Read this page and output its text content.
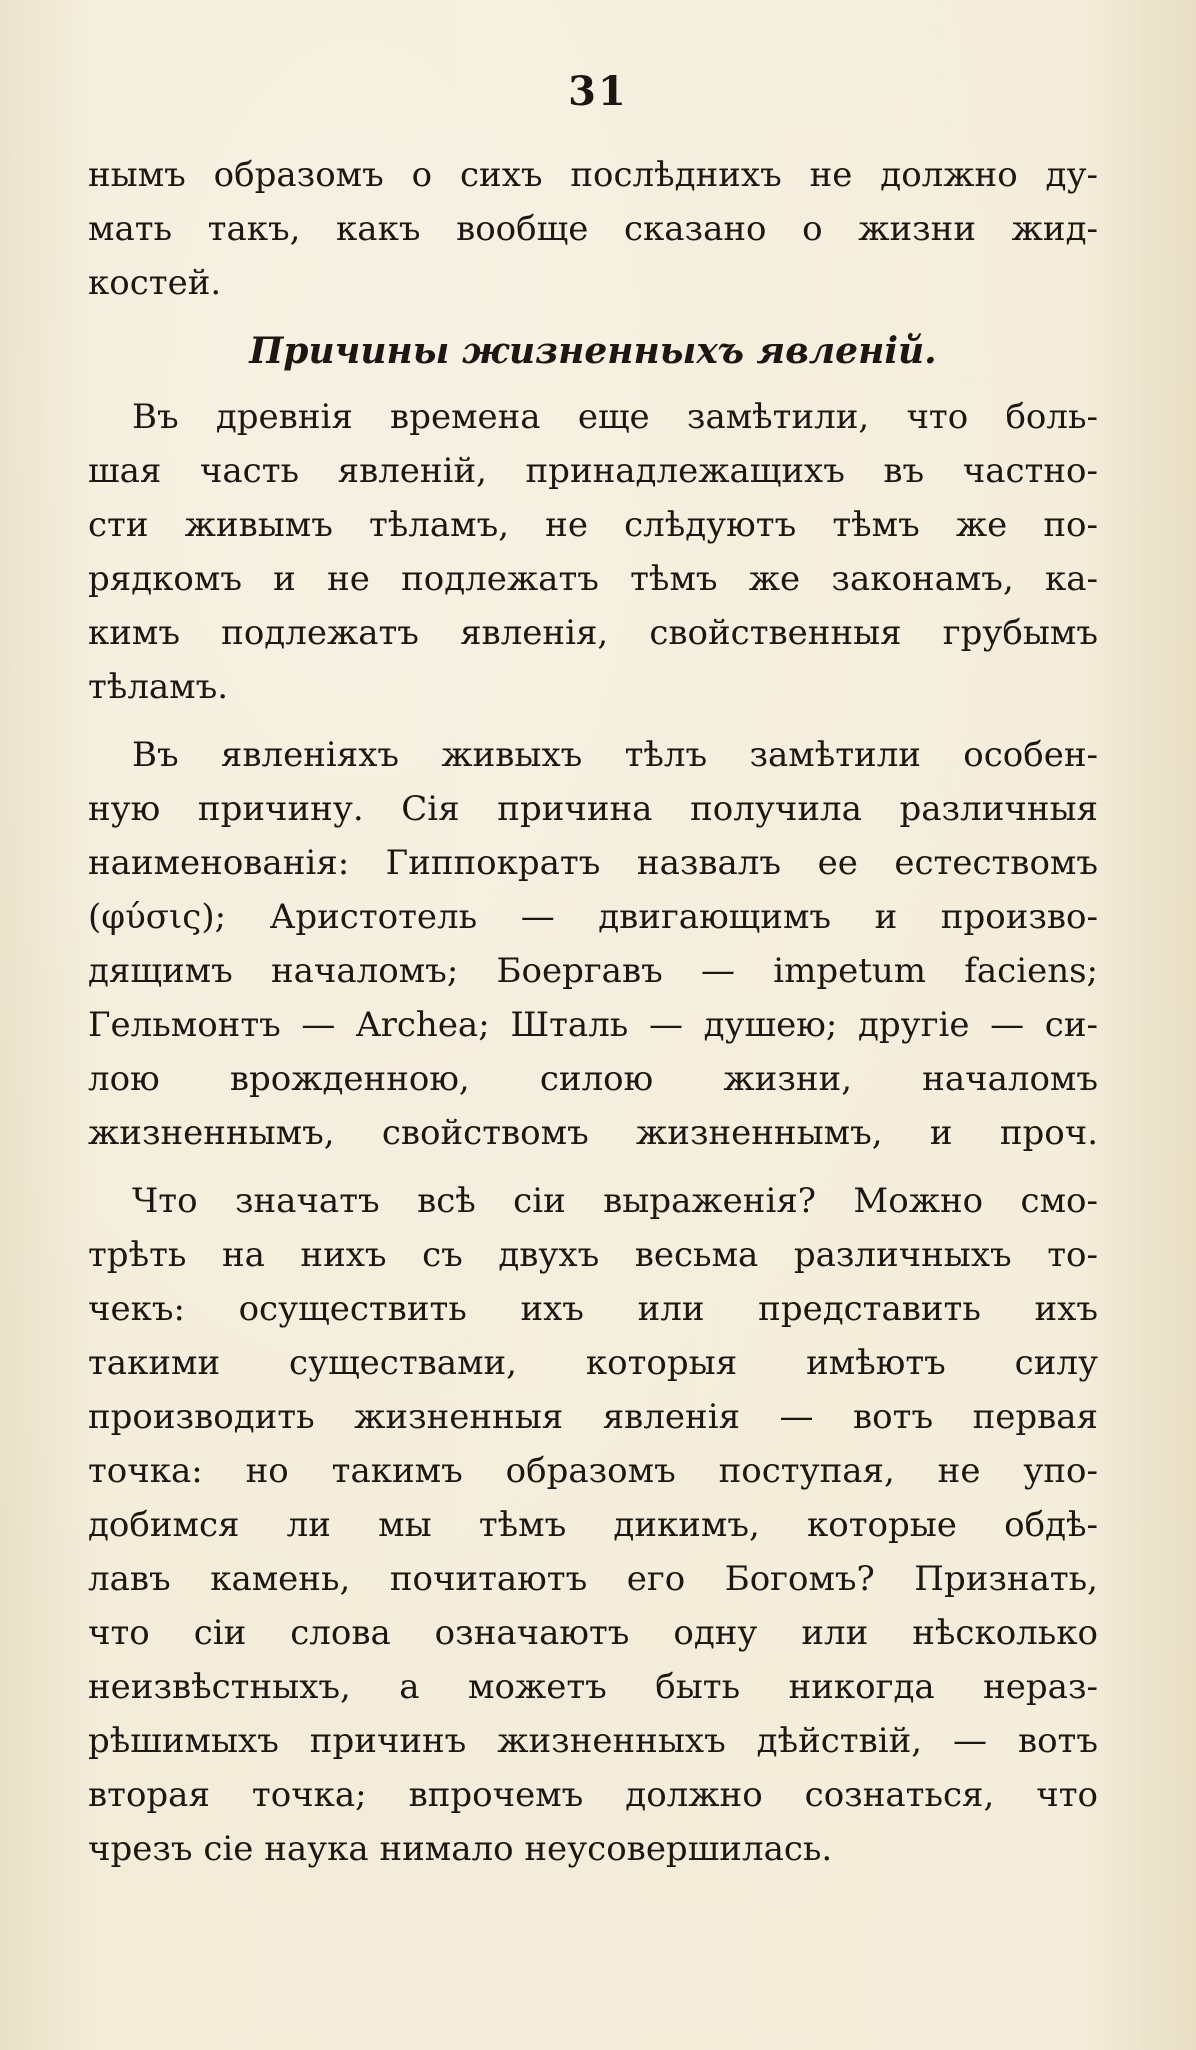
31
нымъ образомъ о сихъ послѣднихъ не должно ду-
мать такъ, какъ вообще сказано о жизни жид-
костей.
Причины жизненныхъ явленій.
Въ древнія времена еще замѣтили, что боль-
шая часть явленій, принадлежащихъ въ частно-
сти живымъ тѣламъ, не слѣдуютъ тѣмъ же по-
рядкомъ и не подлежатъ тѣмъ же законамъ, ка-
кимъ подлежатъ явленія, свойственныя грубымъ
тѣламъ.
Въ явленіяхъ живыхъ тѣлъ замѣтили особен-
ную причину. Сія причина получила различныя
наименованія: Гиппократъ назвалъ ее естествомъ
(φύσις); Аристотель — двигающимъ и произво-
дящимъ началомъ; Боергавъ — impetum faciens;
Гельмонтъ — Archea; Шталь — душею; другіе — си-
лою врожденною, силою жизни, началомъ
жизненнымъ, свойствомъ жизненнымъ, и проч.
Что значатъ всѣ сіи выраженія? Можно смо-
трѣть на нихъ съ двухъ весьма различныхъ то-
чекъ: осуществить ихъ или представить ихъ
такими существами, которыя имѣютъ силу
производить жизненныя явленія — вотъ первая
точка: но такимъ образомъ поступая, не упо-
добимся ли мы тѣмъ дикимъ, которые обдѣ-
лавъ камень, почитаютъ его Богомъ? Признать,
что сіи слова означаютъ одну или нѣсколько
неизвѣстныхъ, а можетъ быть никогда нераз-
рѣшимыхъ причинъ жизненныхъ дѣйствій, — вотъ
вторая точка; впрочемъ должно сознаться, что
чрезъ сіе наука нимало неусовершилась.
